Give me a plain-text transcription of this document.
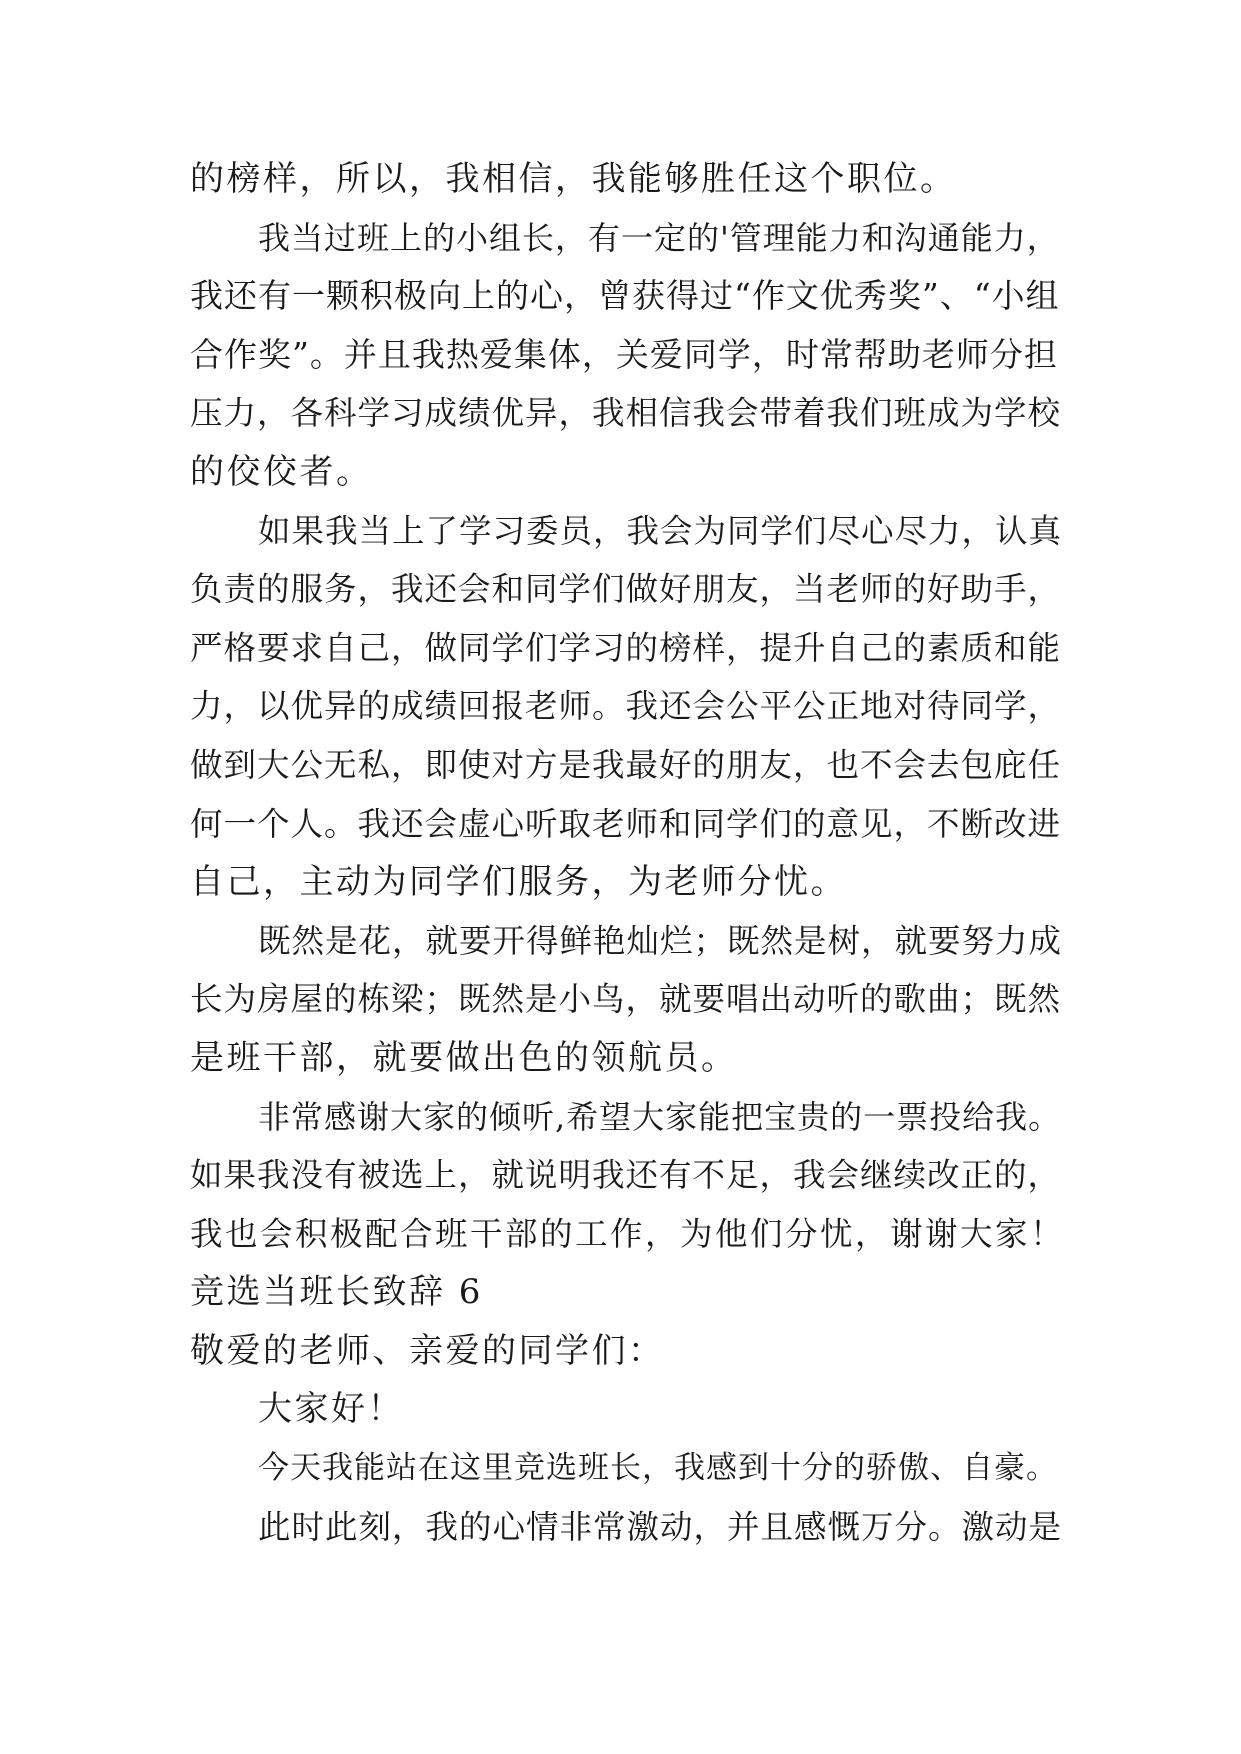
的榜样，所以，我相信，我能够胜任这个职位。
我当过班上的小组长，有一定的'管理能力和沟通能力，
我还有一颗积极向上的心，曾获得过“作文优秀奖”、“小组
合作奖”。并且我热爱集体，关爱同学，时常帮助老师分担
压力，各科学习成绩优异，我相信我会带着我们班成为学校
的佼佼者。
如果我当上了学习委员，我会为同学们尽心尽力，认真
负责的服务，我还会和同学们做好朋友，当老师的好助手，
严格要求自己，做同学们学习的榜样，提升自己的素质和能
力，以优异的成绩回报老师。我还会公平公正地对待同学，
做到大公无私，即使对方是我最好的朋友，也不会去包庇任
何一个人。我还会虚心听取老师和同学们的意见，不断改进
自己，主动为同学们服务，为老师分忧。
既然是花，就要开得鲜艳灿烂；既然是树，就要努力成
长为房屋的栋梁；既然是小鸟，就要唱出动听的歌曲；既然
是班干部，就要做出色的领航员。
非常感谢大家的倾听,希望大家能把宝贵的一票投给我。
如果我没有被选上，就说明我还有不足，我会继续改正的，
我也会积极配合班干部的工作，为他们分忧，谢谢大家！
竞选当班长致辞 6
敬爱的老师、亲爱的同学们：
大家好！
今天我能站在这里竞选班长，我感到十分的骄傲、自豪。
此时此刻，我的心情非常激动，并且感慨万分。激动是
